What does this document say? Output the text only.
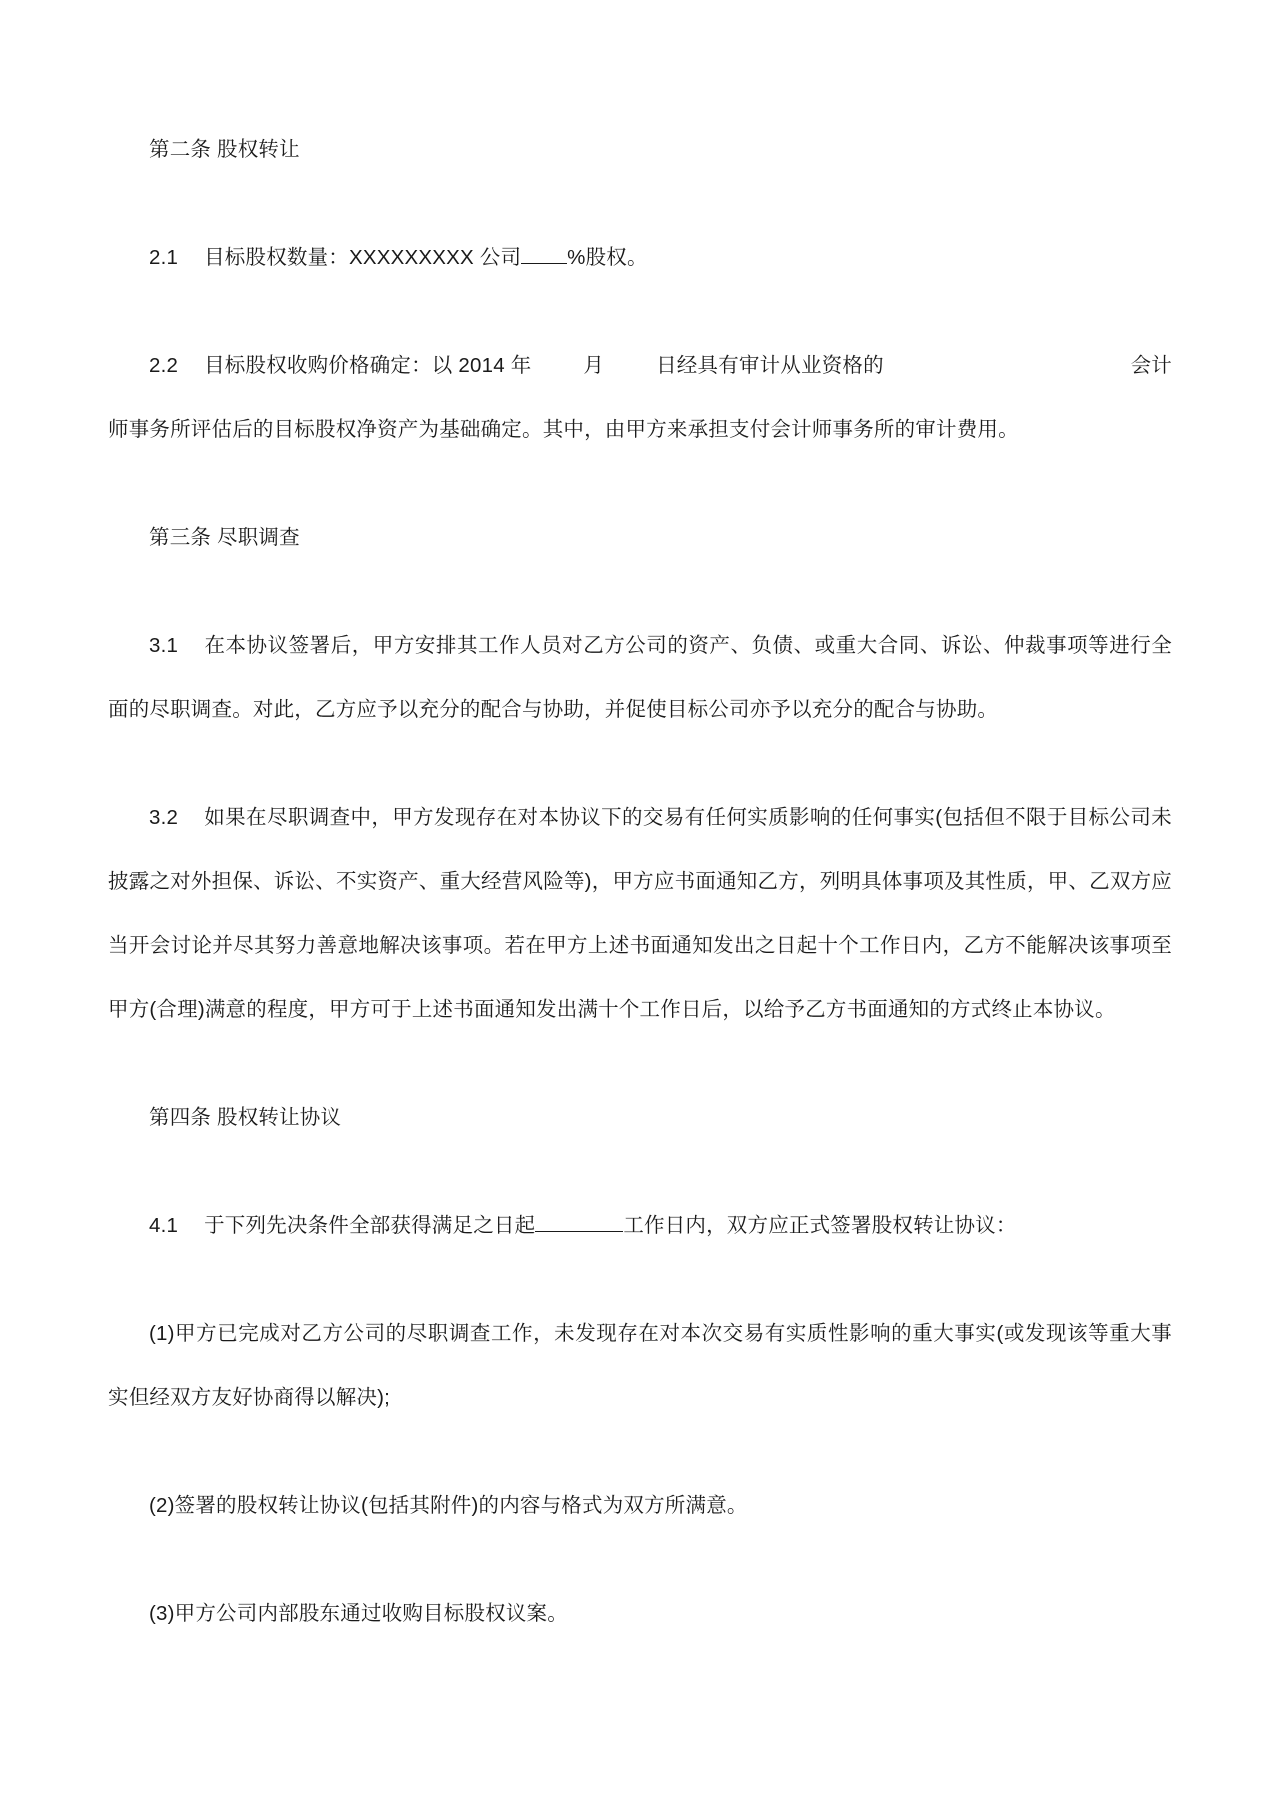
第二条 股权转让

2.1 目标股权数量：XXXXXXXXX 公司 %股权。

2.2 目标股权收购价格确定：以 2014 年	月	日经具有审计从业资格的	会计

师事务所评估后的目标股权净资产为基础确定。其中，由甲方来承担支付会计师事务所的审计费用。

第三条 尽职调查

3.1 在本协议签署后，甲方安排其工作人员对乙方公司的资产、负债、或重大合同、诉讼、仲裁事项等进行全面的尽职调查。对此，乙方应予以充分的配合与协助，并促使目标公司亦予以充分的配合与协助。

3.2 如果在尽职调查中，甲方发现存在对本协议下的交易有任何实质影响的任何事实(包括但不限于目标公司未披露之对外担保、诉讼、不实资产、重大经营风险等)，甲方应书面通知乙方，列明具体事项及其性质，甲、乙双方应当开会讨论并尽其努力善意地解决该事项。若在甲方上述书面通知发出之日起十个工作日内，乙方不能解决该事项至甲方(合理)满意的程度，甲方可于上述书面通知发出满十个工作日后，以给予乙方书面通知的方式终止本协议。

第四条 股权转让协议

4.1 于下列先决条件全部获得满足之日起	工作日内，双方应正式签署股权转让协议：

(1)甲方已完成对乙方公司的尽职调查工作，未发现存在对本次交易有实质性影响的重大事实(或发现该等重大事实但经双方友好协商得以解决);

(2)签署的股权转让协议(包括其附件)的内容与格式为双方所满意。

(3)甲方公司内部股东通过收购目标股权议案。
